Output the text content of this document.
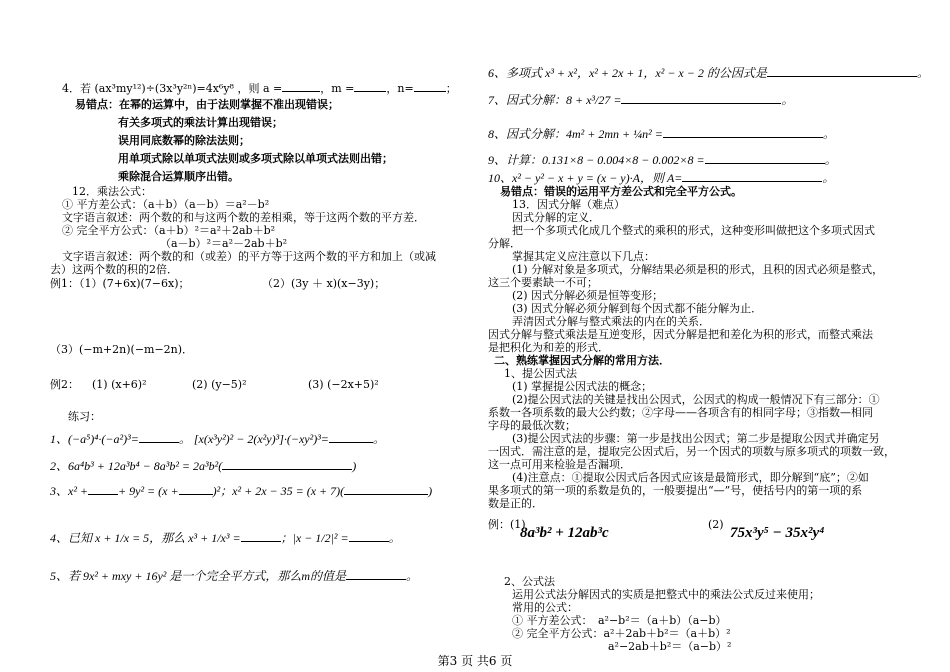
4．若 (ax³my¹²)÷(3x³y²ⁿ)=4x⁶y⁸ ，则 a =	，m =	，n=	；
易错点：在幂的运算中，由于法则掌握不准出现错误；
有关多项式的乘法计算出现错误；
误用同底数幂的除法法则；
用单项式除以单项式法则或多项式除以单项式法则出错；
乘除混合运算顺序出错。
12．乘法公式：
① 平方差公式：（a＋b）（a－b）＝a²－b²
文字语言叙述：两个数的和与这两个数的差相乘，等于这两个数的平方差．
② 完全平方公式：（a＋b）²＝a²＋2ab＋b²
（a－b）²＝a²－2ab＋b²
文字语言叙述：两个数的和（或差）的平方等于这两个数的平方和加上（或减
去）这两个数的积的2倍．
例1：（1）(7+6x)(7−6x)；	（2）(3y ＋ x)(x−3y)；
（3）(−m+2n)(−m−2n)．
例2： (1) (x+6)²	(2) (y−5)²	(3) (−2x+5)²
练习：
1、(−a⁵)⁴·(−a²)³=	。 [x(x³y²)² − 2(x²y)³]·(−xy²)³=	。
2、6a⁴b³ + 12a³b⁴ − 8a³b² = 2a³b²(	)
3、x² +	+ 9y² = (x +	)²；x² + 2x − 35 = (x + 7)(	)
4、已知 x + 1/x = 5，那么 x³ + 1/x³ =	；|x − 1/2|² =	。
5、若 9x² + mxy + 16y² 是一个完全平方式，那么m的值是	。
6、多项式 x³ + x²，x² + 2x + 1，x² − x − 2 的公因式是	。
7、因式分解：8 + x³/27 =	。
8、因式分解：4m² + 2mn + ¼n² =	。
9、计算：0.131×8 − 0.004×8 − 0.002×8 =	。
10、x² − y² − x + y = (x − y)·A，则 A=	。
易错点：错误的运用平方差公式和完全平方公式。
13．因式分解（难点）
因式分解的定义．
把一个多项式化成几个整式的乘积的形式，这种变形叫做把这个多项式因式
分解．
掌握其定义应注意以下几点：
(1) 分解对象是多项式，分解结果必须是积的形式，且积的因式必须是整式，
这三个要素缺一不可；
(2) 因式分解必须是恒等变形；
(3) 因式分解必须分解到每个因式都不能分解为止．
弄清因式分解与整式乘法的内在的关系．
因式分解与整式乘法是互逆变形，因式分解是把和差化为积的形式，而整式乘法
是把积化为和差的形式．
二、熟练掌握因式分解的常用方法．
1、提公因式法
(1) 掌握提公因式法的概念；
(2)提公因式法的关键是找出公因式，公因式的构成一般情况下有三部分：①
系数一各项系数的最大公约数；②字母——各项含有的相同字母；③指数—相同
字母的最低次数；
(3)提公因式法的步骤：第一步是找出公因式；第二步是提取公因式并确定另
一因式．需注意的是，提取完公因式后，另一个因式的项数与原多项式的项数一致，
这一点可用来检验是否漏项．
(4)注意点：①提取公因式后各因式应该是最简形式，即分解到“底”；②如
果多项式的第一项的系数是负的，一般要提出“—”号，使括号内的第一项的系
数是正的．
例：(1)
8a³b² + 12ab³c
(2)
75x³y⁵ − 35x²y⁴
2、公式法
运用公式法分解因式的实质是把整式中的乘法公式反过来使用；
常用的公式：
① 平方差公式：　a²−b²＝（a＋b）（a−b）
② 完全平方公式：a²＋2ab＋b²＝（a＋b）²
a²−2ab＋b²＝（a−b）²
第3 页 共6 页
